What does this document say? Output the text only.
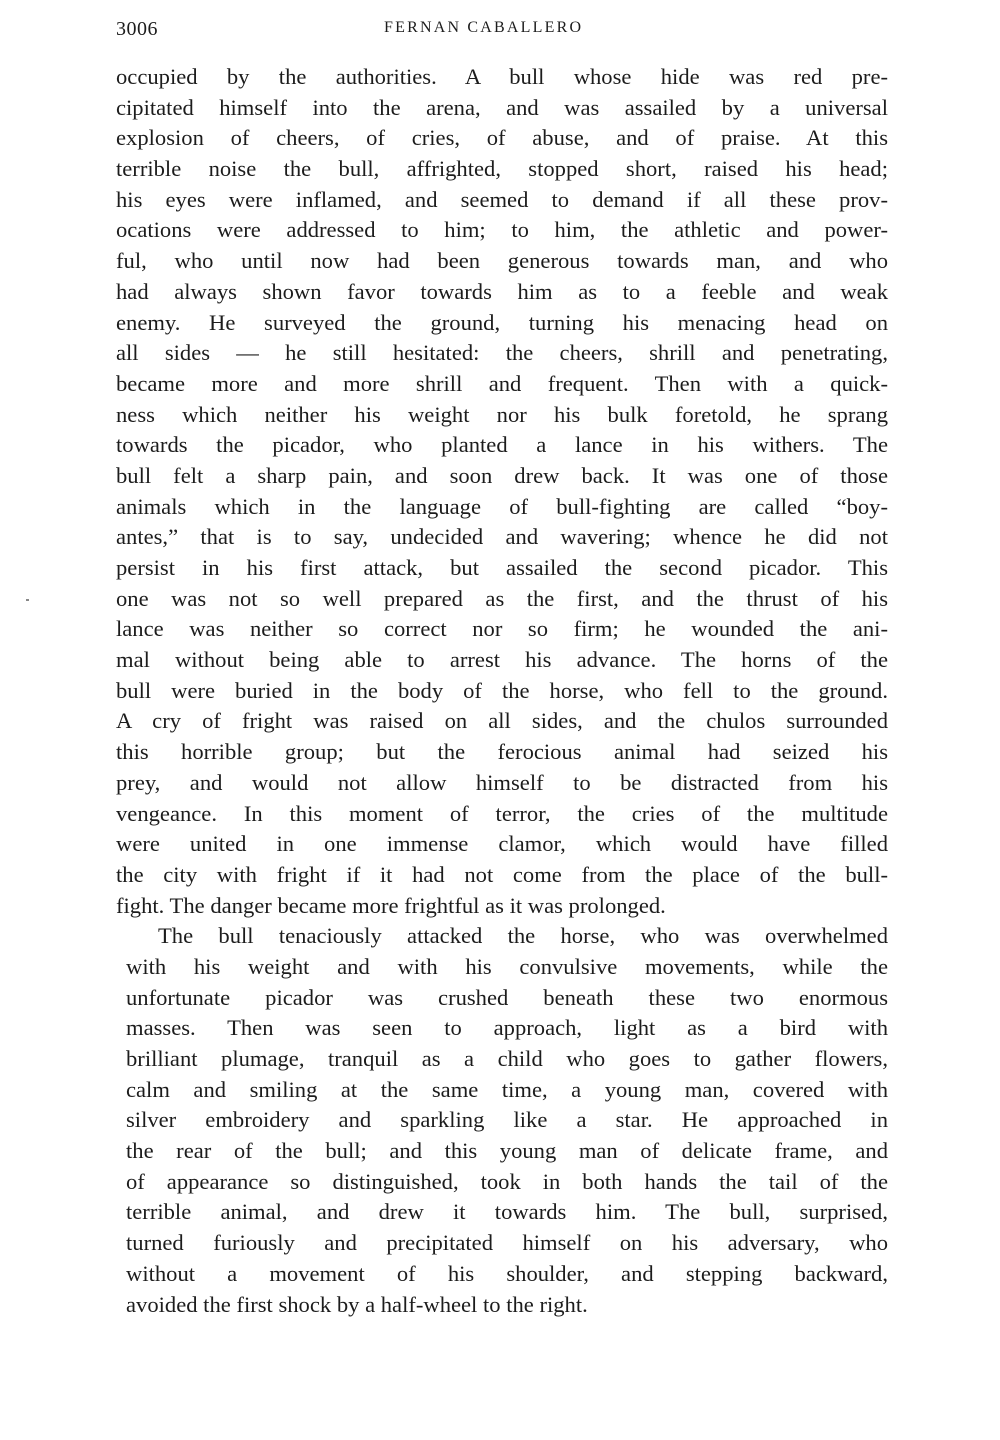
3006	FERNAN CABALLERO
occupied by the authorities. A bull whose hide was red pre-
cipitated himself into the arena, and was assailed by a universal
explosion of cheers, of cries, of abuse, and of praise. At this
terrible noise the bull, affrighted, stopped short, raised his head;
his eyes were inflamed, and seemed to demand if all these prov-
ocations were addressed to him; to him, the athletic and power-
ful, who until now had been generous towards man, and who
had always shown favor towards him as to a feeble and weak
enemy. He surveyed the ground, turning his menacing head on
all sides — he still hesitated: the cheers, shrill and penetrating,
became more and more shrill and frequent. Then with a quick-
ness which neither his weight nor his bulk foretold, he sprang
towards the picador, who planted a lance in his withers. The
bull felt a sharp pain, and soon drew back. It was one of those
animals which in the language of bull-fighting are called “boy-
antes,” that is to say, undecided and wavering; whence he did not
persist in his first attack, but assailed the second picador. This
one was not so well prepared as the first, and the thrust of his
lance was neither so correct nor so firm; he wounded the ani-
mal without being able to arrest his advance. The horns of the
bull were buried in the body of the horse, who fell to the ground.
A cry of fright was raised on all sides, and the chulos surrounded
this horrible group; but the ferocious animal had seized his
prey, and would not allow himself to be distracted from his
vengeance. In this moment of terror, the cries of the multitude
were united in one immense clamor, which would have filled
the city with fright if it had not come from the place of the bull-
fight. The danger became more frightful as it was prolonged.
The bull tenaciously attacked the horse, who was overwhelmed
with his weight and with his convulsive movements, while the
unfortunate picador was crushed beneath these two enormous
masses. Then was seen to approach, light as a bird with
brilliant plumage, tranquil as a child who goes to gather flowers,
calm and smiling at the same time, a young man, covered with
silver embroidery and sparkling like a star. He approached in
the rear of the bull; and this young man of delicate frame, and
of appearance so distinguished, took in both hands the tail of the
terrible animal, and drew it towards him. The bull, surprised,
turned furiously and precipitated himself on his adversary, who
without a movement of his shoulder, and stepping backward,
avoided the first shock by a half-wheel to the right.
